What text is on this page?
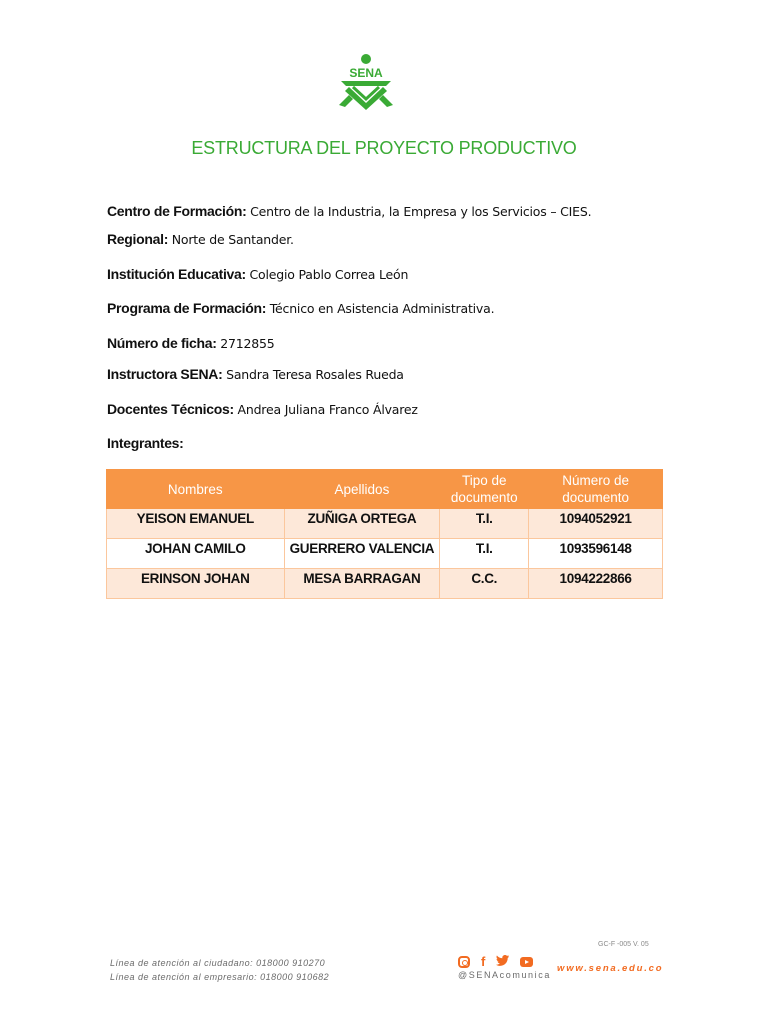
SENA
ESTRUCTURA DEL PROYECTO PRODUCTIVO
Centro de Formación: Centro de la Industria, la Empresa y los Servicios – CIES.
Regional: Norte de Santander.
Institución Educativa: Colegio Pablo Correa León
Programa de Formación: Técnico en Asistencia Administrativa.
Número de ficha: 2712855
Instructora SENA: Sandra Teresa Rosales Rueda
Docentes Técnicos: Andrea Juliana Franco Álvarez
Integrantes:
Nombres	Apellidos	Tipo de documento	Número de documento
YEISON EMANUEL	ZUÑIGA ORTEGA	T.I.	1094052921
JOHAN CAMILO	GUERRERO VALENCIA	T.I.	1093596148
ERINSON JOHAN	MESA BARRAGAN	C.C.	1094222866
GC-F -005 V. 05
Línea de atención al ciudadano: 018000 910270
Línea de atención al empresario: 018000 910682
f
@SENAcomunica
www.sena.edu.co
